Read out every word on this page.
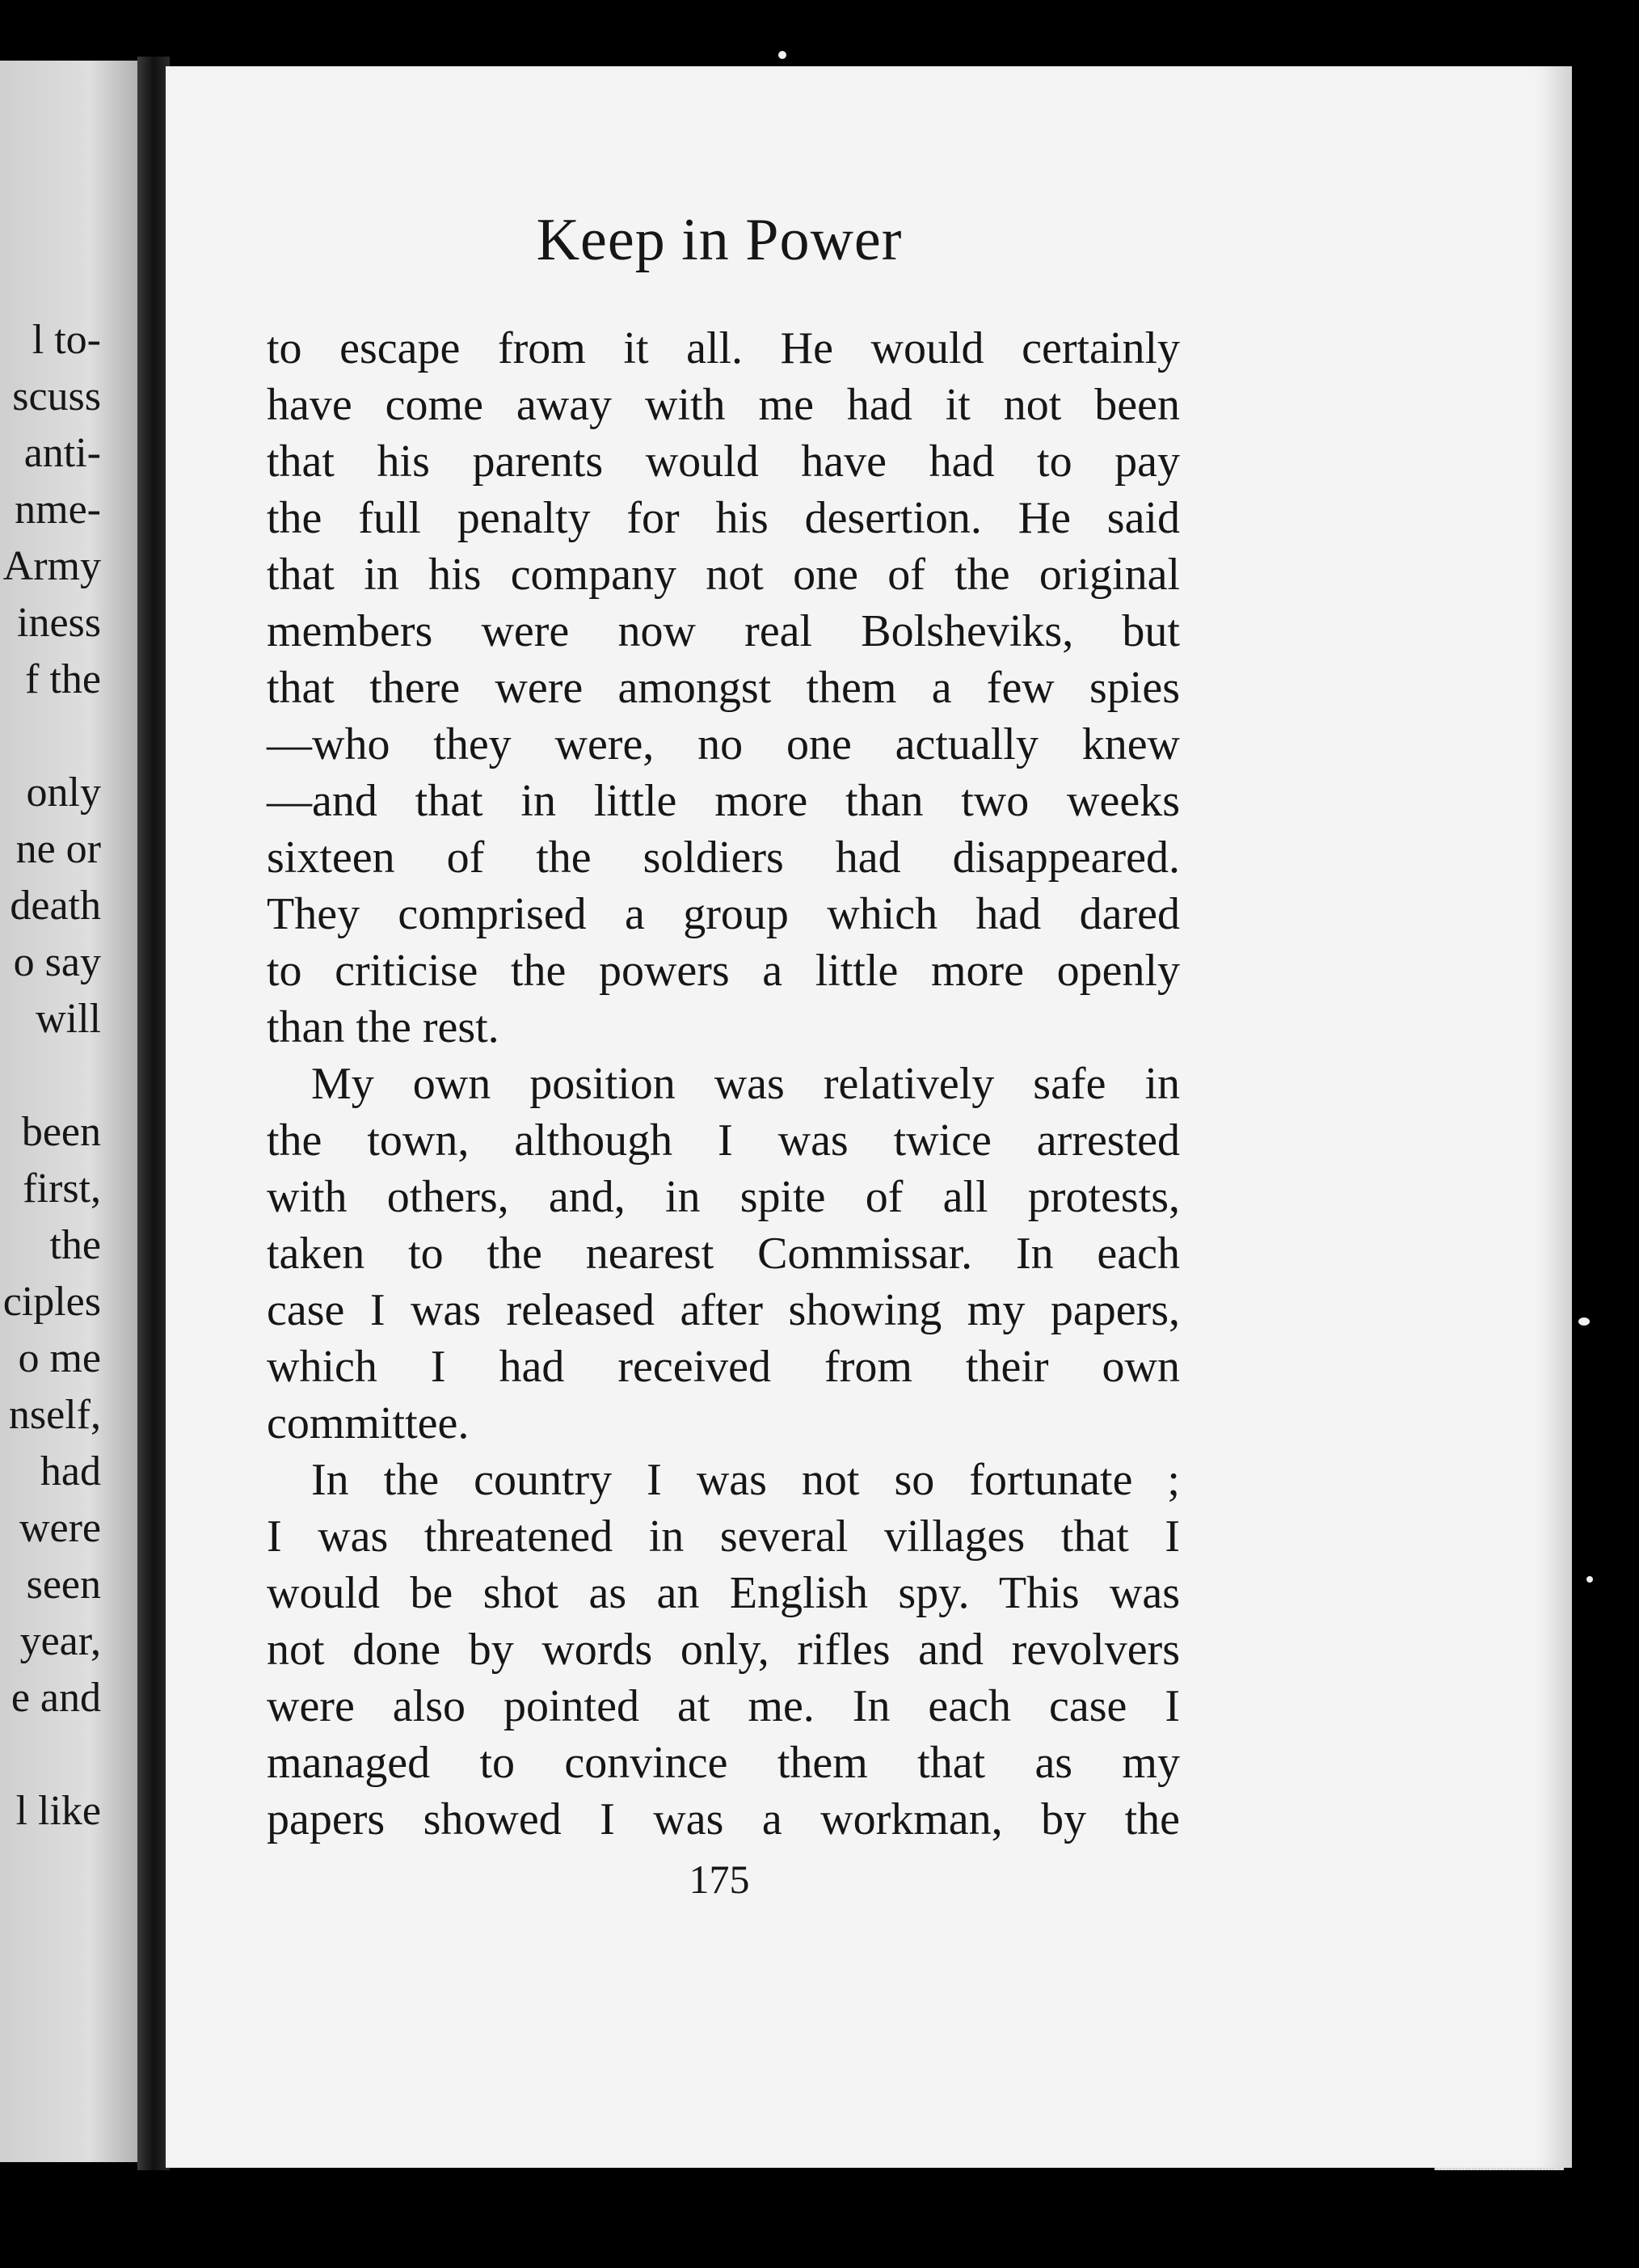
l to-
scuss
anti-
nme-
Army
iness
f the
only
ne or
death
o say
will
been
first,
the
ciples
o me
nself,
had
were
seen
year,
e and
l like
Keep in Power
to escape from it all. He would certainly
have come away with me had it not been
that his parents would have had to pay
the full penalty for his desertion. He said
that in his company not one of the original
members were now real Bolsheviks, but
that there were amongst them a few spies
—who they were, no one actually knew
—and that in little more than two weeks
sixteen of the soldiers had disappeared.
They comprised a group which had dared
to criticise the powers a little more openly
than the rest.
My own position was relatively safe in
the town, although I was twice arrested
with others, and, in spite of all protests,
taken to the nearest Commissar. In each
case I was released after showing my papers,
which I had received from their own
committee.
In the country I was not so fortunate ;
I was threatened in several villages that I
would be shot as an English spy. This was
not done by words only, rifles and revolvers
were also pointed at me. In each case I
managed to convince them that as my
papers showed I was a workman, by the
175
